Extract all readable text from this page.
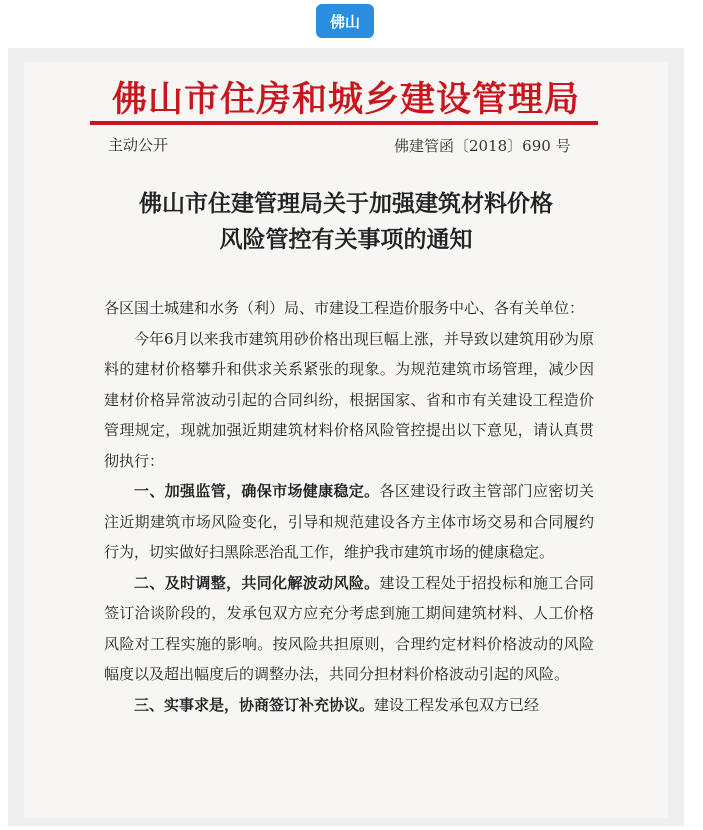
佛山
佛山市住房和城乡建设管理局
主动公开	佛建管函〔2018〕690 号
佛山市住建管理局关于加强建筑材料价格
风险管控有关事项的通知

各区国土城建和水务（利）局、市建设工程造价服务中心、各有关单位：

今年6月以来我市建筑用砂价格出现巨幅上涨，并导致以建筑用砂为原料的建材价格攀升和供求关系紧张的现象。为规范建筑市场管理，减少因建材价格异常波动引起的合同纠纷，根据国家、省和市有关建设工程造价管理规定，现就加强近期建筑材料价格风险管控提出以下意见，请认真贯彻执行：

一、加强监管，确保市场健康稳定。各区建设行政主管部门应密切关注近期建筑市场风险变化，引导和规范建设各方主体市场交易和合同履约行为，切实做好扫黑除恶治乱工作，维护我市建筑市场的健康稳定。

二、及时调整，共同化解波动风险。建设工程处于招投标和施工合同签订洽谈阶段的，发承包双方应充分考虑到施工期间建筑材料、人工价格风险对工程实施的影响。按风险共担原则，合理约定材料价格波动的风险幅度以及超出幅度后的调整办法，共同分担材料价格波动引起的风险。

三、实事求是，协商签订补充协议。建设工程发承包双方已经
